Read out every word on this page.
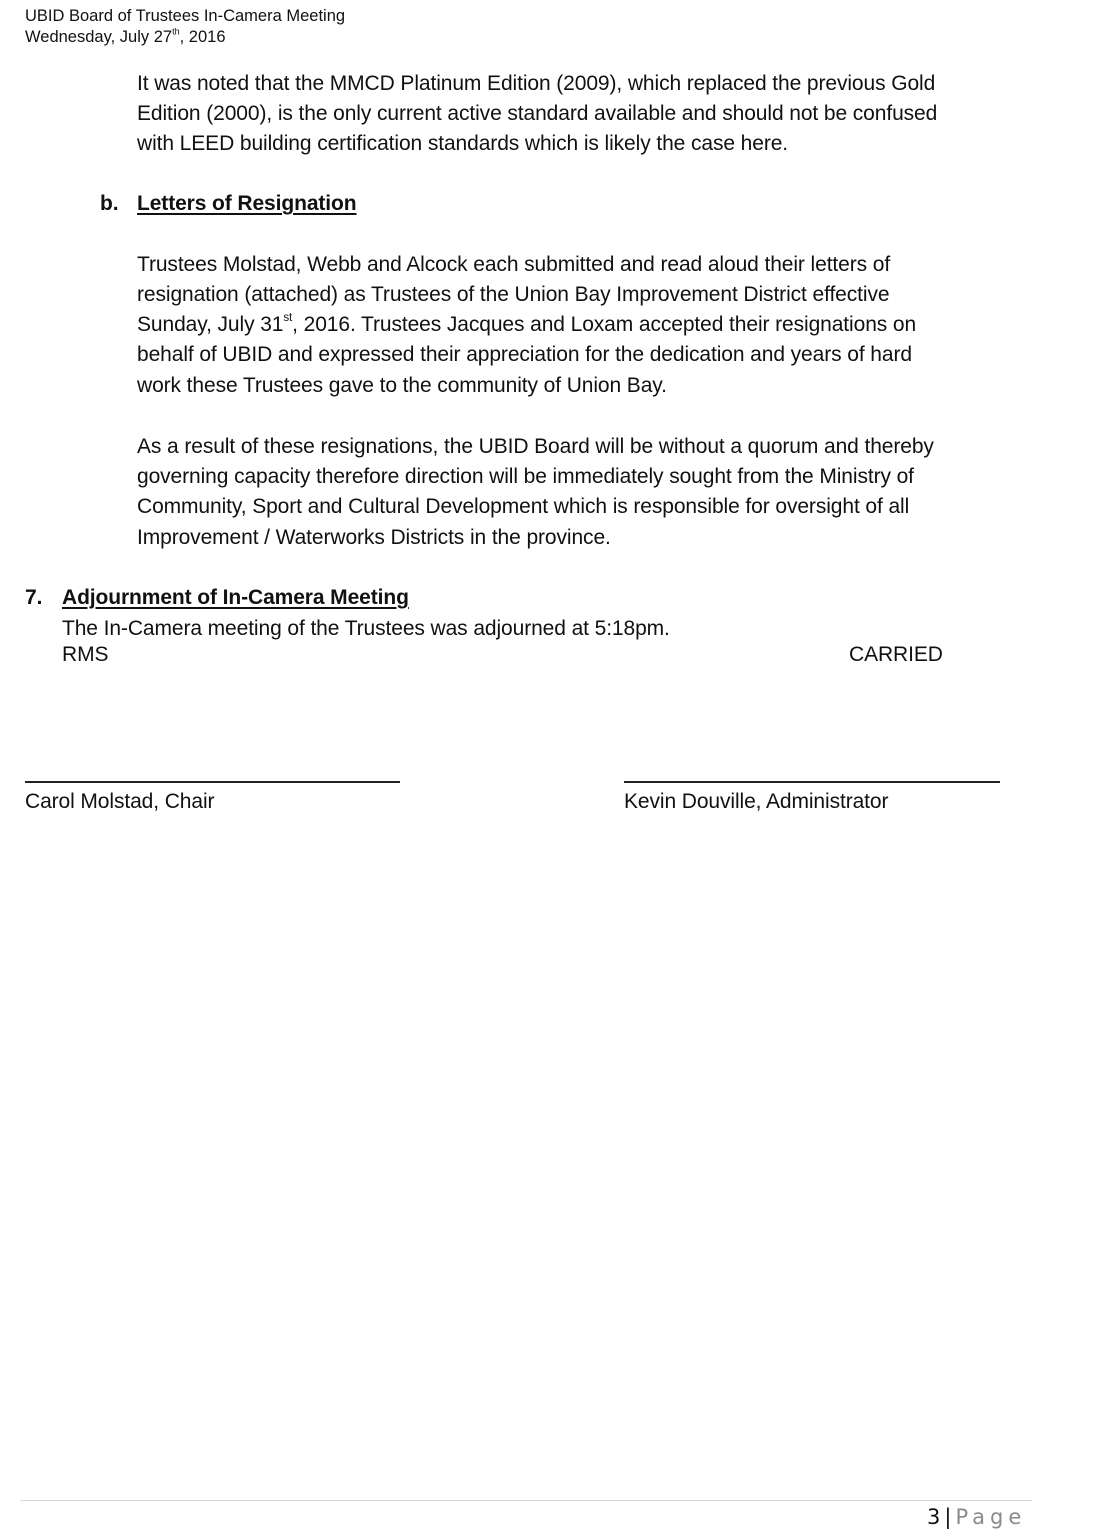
UBID Board of Trustees In-Camera Meeting
Wednesday, July 27th, 2016
It was noted that the MMCD Platinum Edition (2009), which replaced the previous Gold
Edition (2000), is the only current active standard available and should not be confused
with LEED building certification standards which is likely the case here.
b. Letters of Resignation
Trustees Molstad, Webb and Alcock each submitted and read aloud their letters of
resignation (attached) as Trustees of the Union Bay Improvement District effective
Sunday, July 31st, 2016. Trustees Jacques and Loxam accepted their resignations on
behalf of UBID and expressed their appreciation for the dedication and years of hard
work these Trustees gave to the community of Union Bay.
As a result of these resignations, the UBID Board will be without a quorum and thereby
governing capacity therefore direction will be immediately sought from the Ministry of
Community, Sport and Cultural Development which is responsible for oversight of all
Improvement / Waterworks Districts in the province.
7. Adjournment of In-Camera Meeting
The In-Camera meeting of the Trustees was adjourned at 5:18pm.
RMS	CARRIED
Carol Molstad, Chair	Kevin Douville, Administrator
3 | Page
